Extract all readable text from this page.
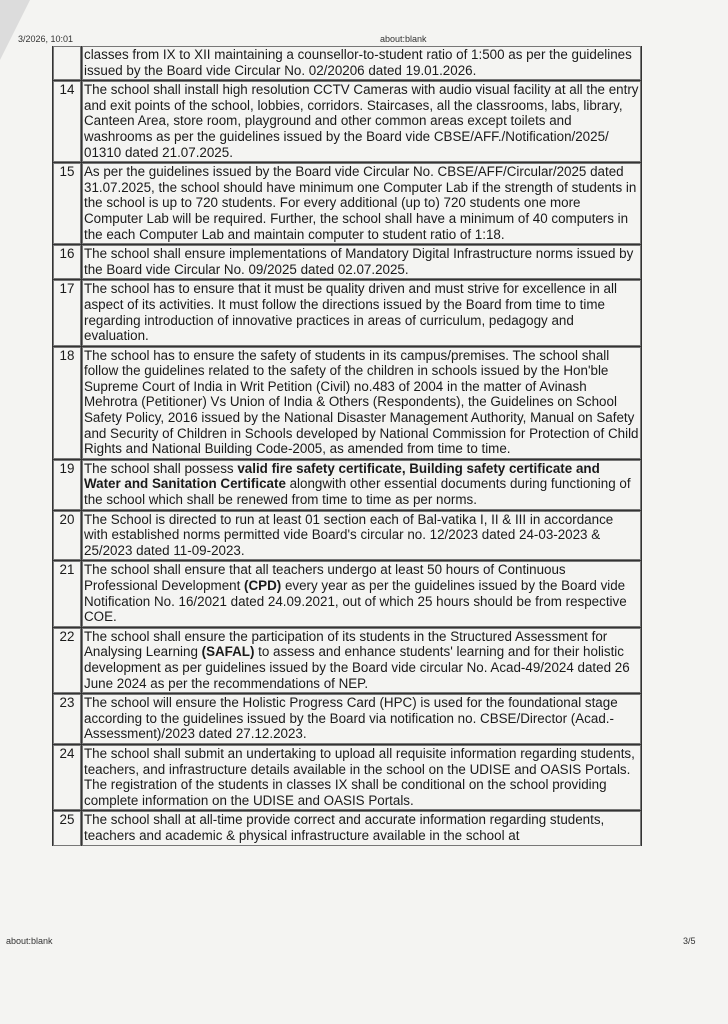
3/2026, 10:01	about:blank
	classes from IX to XII maintaining a counsellor-to-student ratio of 1:500 as per the guidelines issued by the Board vide Circular No. 02/20206 dated 19.01.2026.
14	The school shall install high resolution CCTV Cameras with audio visual facility at all the entry and exit points of the school, lobbies, corridors. Staircases, all the classrooms, labs, library, Canteen Area, store room, playground and other common areas except toilets and washrooms as per the guidelines issued by the Board vide CBSE/AFF./Notification/2025/ 01310 dated 21.07.2025.
15	As per the guidelines issued by the Board vide Circular No. CBSE/AFF/Circular/2025 dated 31.07.2025, the school should have minimum one Computer Lab if the strength of students in the school is up to 720 students. For every additional (up to) 720 students one more Computer Lab will be required. Further, the school shall have a minimum of 40 computers in the each Computer Lab and maintain computer to student ratio of 1:18.
16	The school shall ensure implementations of Mandatory Digital Infrastructure norms issued by the Board vide Circular No. 09/2025 dated 02.07.2025.
17	The school has to ensure that it must be quality driven and must strive for excellence in all aspect of its activities. It must follow the directions issued by the Board from time to time regarding introduction of innovative practices in areas of curriculum, pedagogy and evaluation.
18	The school has to ensure the safety of students in its campus/premises. The school shall follow the guidelines related to the safety of the children in schools issued by the Hon'ble Supreme Court of India in Writ Petition (Civil) no.483 of 2004 in the matter of Avinash Mehrotra (Petitioner) Vs Union of India & Others (Respondents), the Guidelines on School Safety Policy, 2016 issued by the National Disaster Management Authority, Manual on Safety and Security of Children in Schools developed by National Commission for Protection of Child Rights and National Building Code-2005, as amended from time to time.
19	The school shall possess valid fire safety certificate, Building safety certificate and Water and Sanitation Certificate alongwith other essential documents during functioning of the school which shall be renewed from time to time as per norms.
20	The School is directed to run at least 01 section each of Bal-vatika I, II & III in accordance with established norms permitted vide Board's circular no. 12/2023 dated 24-03-2023 & 25/2023 dated 11-09-2023.
21	The school shall ensure that all teachers undergo at least 50 hours of Continuous Professional Development (CPD) every year as per the guidelines issued by the Board vide Notification No. 16/2021 dated 24.09.2021, out of which 25 hours should be from respective COE.
22	The school shall ensure the participation of its students in the Structured Assessment for Analysing Learning (SAFAL) to assess and enhance students' learning and for their holistic development as per guidelines issued by the Board vide circular No. Acad-49/2024 dated 26 June 2024 as per the recommendations of NEP.
23	The school will ensure the Holistic Progress Card (HPC) is used for the foundational stage according to the guidelines issued by the Board via notification no. CBSE/Director (Acad.-Assessment)/2023 dated 27.12.2023.
24	The school shall submit an undertaking to upload all requisite information regarding students, teachers, and infrastructure details available in the school on the UDISE and OASIS Portals. The registration of the students in classes IX shall be conditional on the school providing complete information on the UDISE and OASIS Portals.
25	The school shall at all-time provide correct and accurate information regarding students, teachers and academic & physical infrastructure available in the school at
about:blank	3/5
